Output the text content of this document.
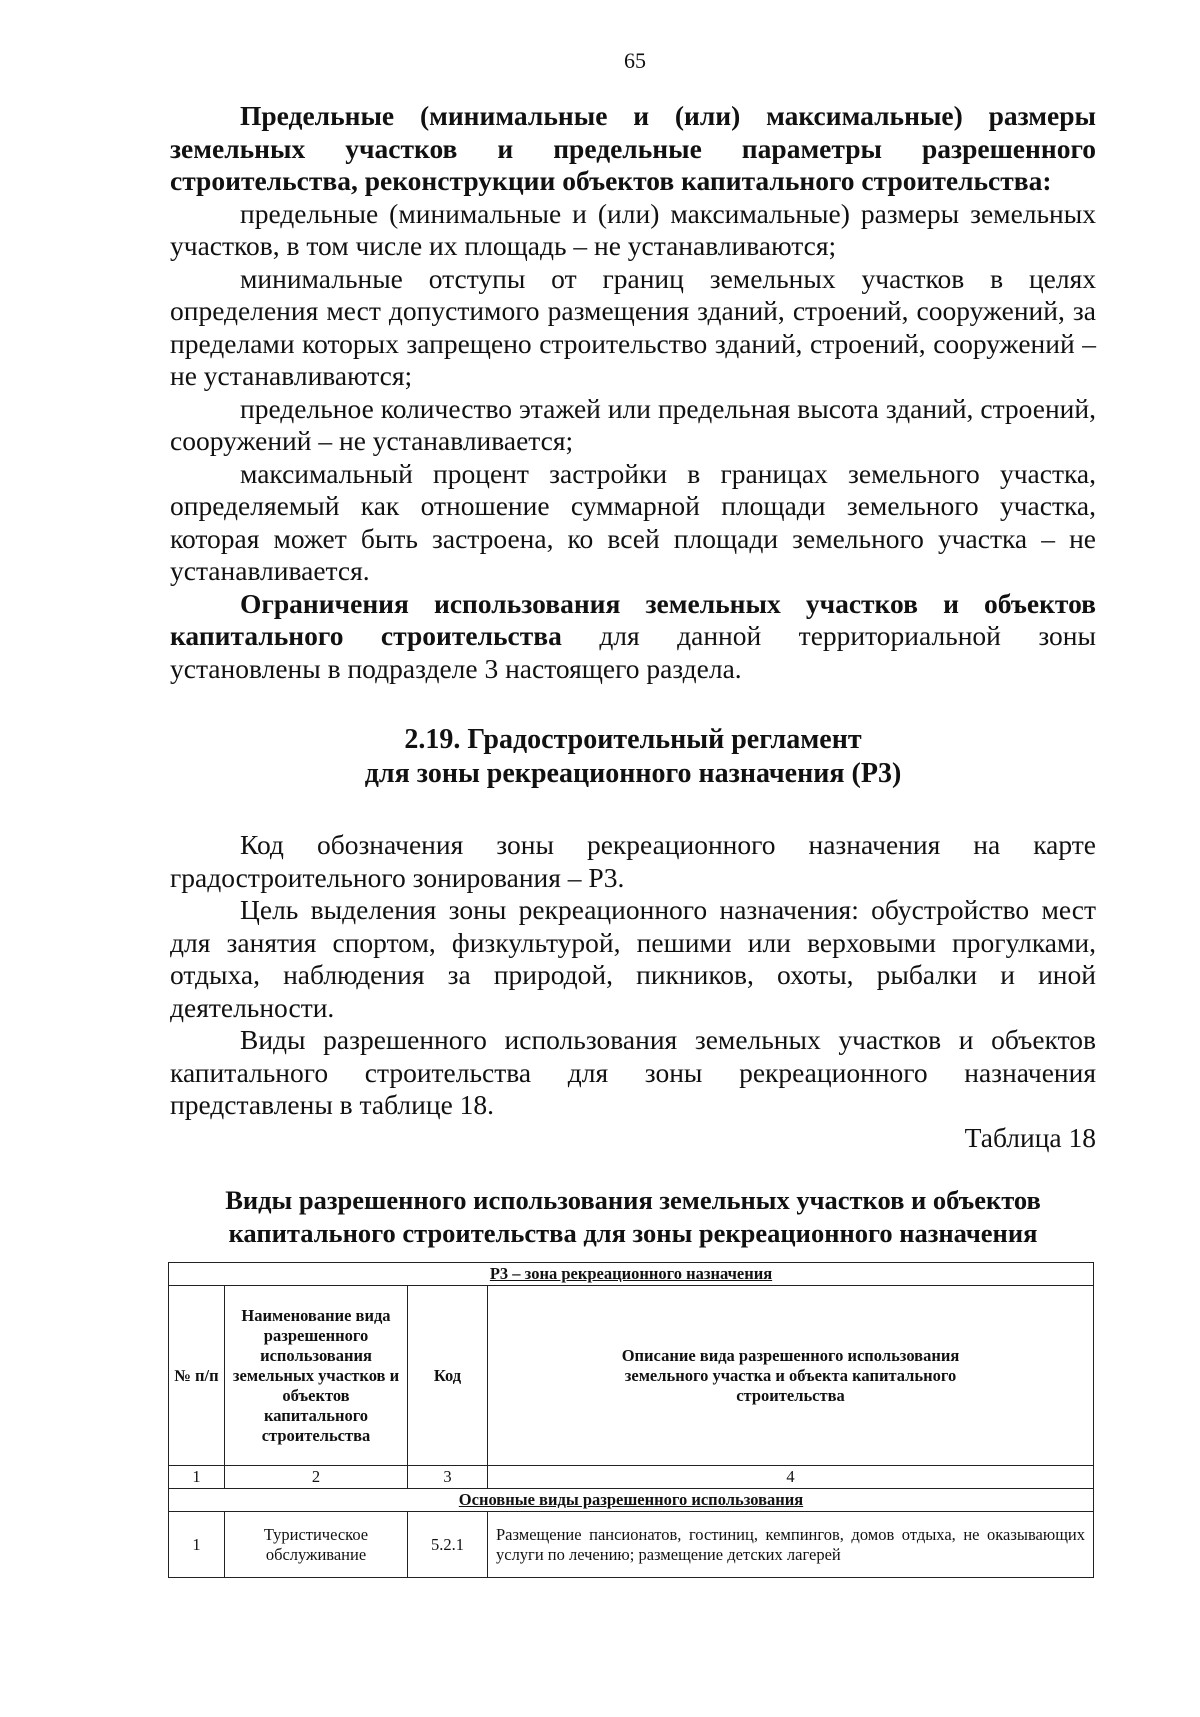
65

Предельные (минимальные и (или) максимальные) размеры земельных участков и предельные параметры разрешенного строительства, реконструкции объектов капитального строительства:

предельные (минимальные и (или) максимальные) размеры земельных участков, в том числе их площадь – не устанавливаются;

минимальные отступы от границ земельных участков в целях определения мест допустимого размещения зданий, строений, сооружений, за пределами которых запрещено строительство зданий, строений, сооружений – не устанавливаются;

предельное количество этажей или предельная высота зданий, строений, сооружений – не устанавливается;

максимальный процент застройки в границах земельного участка, определяемый как отношение суммарной площади земельного участка, которая может быть застроена, ко всей площади земельного участка – не устанавливается.

Ограничения использования земельных участков и объектов капитального строительства для данной территориальной зоны установлены в подразделе 3 настоящего раздела.

2.19. Градостроительный регламент
для зоны рекреационного назначения (Р3)

Код обозначения зоны рекреационного назначения на карте градостроительного зонирования – Р3.

Цель выделения зоны рекреационного назначения: обустройство мест для занятия спортом, физкультурой, пешими или верховыми прогулками, отдыха, наблюдения за природой, пикников, охоты, рыбалки и иной деятельности.

Виды разрешенного использования земельных участков и объектов капитального строительства для зоны рекреационного назначения представлены в таблице 18.

Таблица 18

Виды разрешенного использования земельных участков и объектов
капитального строительства для зоны рекреационного назначения
Р3 – зона рекреационного назначения			
№ п/п	Наименование вида разрешенного использования земельных участков и объектов капитального строительства	Код	Описание вида разрешенного использования земельного участка и объекта капитального строительства
1	2	3	4
Основные виды разрешенного использования			
1	Туристическое обслуживание	5.2.1	Размещение пансионатов, гостиниц, кемпингов, домов отдыха, не оказывающих услуги по лечению; размещение детских лагерей
